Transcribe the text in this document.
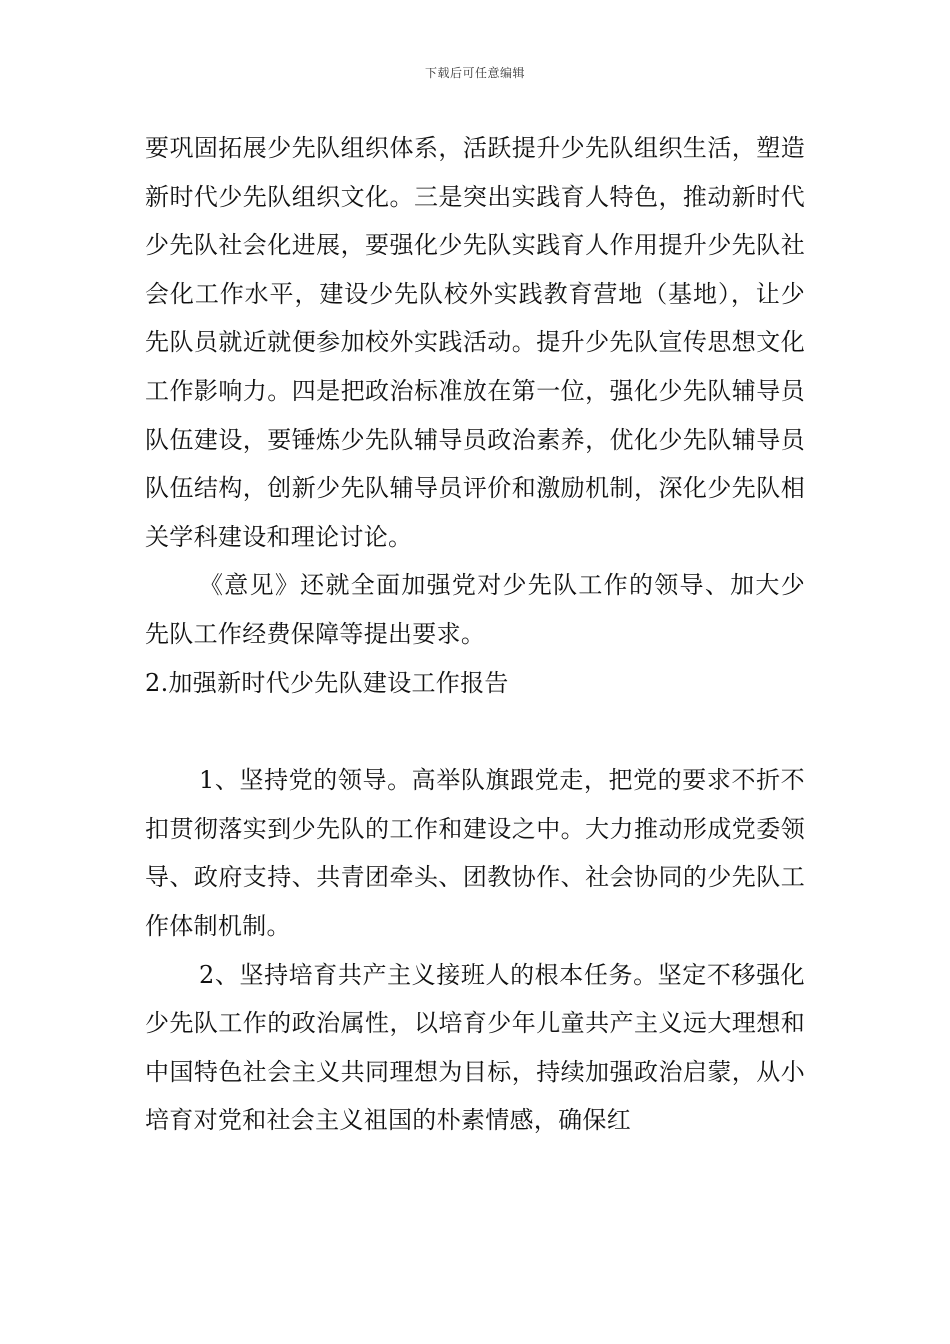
下载后可任意编辑

要巩固拓展少先队组织体系，活跃提升少先队组织生活，塑造新时代少先队组织文化。三是突出实践育人特色，推动新时代少先队社会化进展，要强化少先队实践育人作用提升少先队社会化工作水平，建设少先队校外实践教育营地（基地），让少先队员就近就便参加校外实践活动。提升少先队宣传思想文化工作影响力。四是把政治标准放在第一位，强化少先队辅导员队伍建设，要锤炼少先队辅导员政治素养，优化少先队辅导员队伍结构，创新少先队辅导员评价和激励机制，深化少先队相关学科建设和理论讨论。

《意见》还就全面加强党对少先队工作的领导、加大少先队工作经费保障等提出要求。

2.加强新时代少先队建设工作报告

1、坚持党的领导。高举队旗跟党走，把党的要求不折不扣贯彻落实到少先队的工作和建设之中。大力推动形成党委领导、政府支持、共青团牵头、团教协作、社会协同的少先队工作体制机制。

2、坚持培育共产主义接班人的根本任务。坚定不移强化少先队工作的政治属性，以培育少年儿童共产主义远大理想和中国特色社会主义共同理想为目标，持续加强政治启蒙，从小培育对党和社会主义祖国的朴素情感，确保红
